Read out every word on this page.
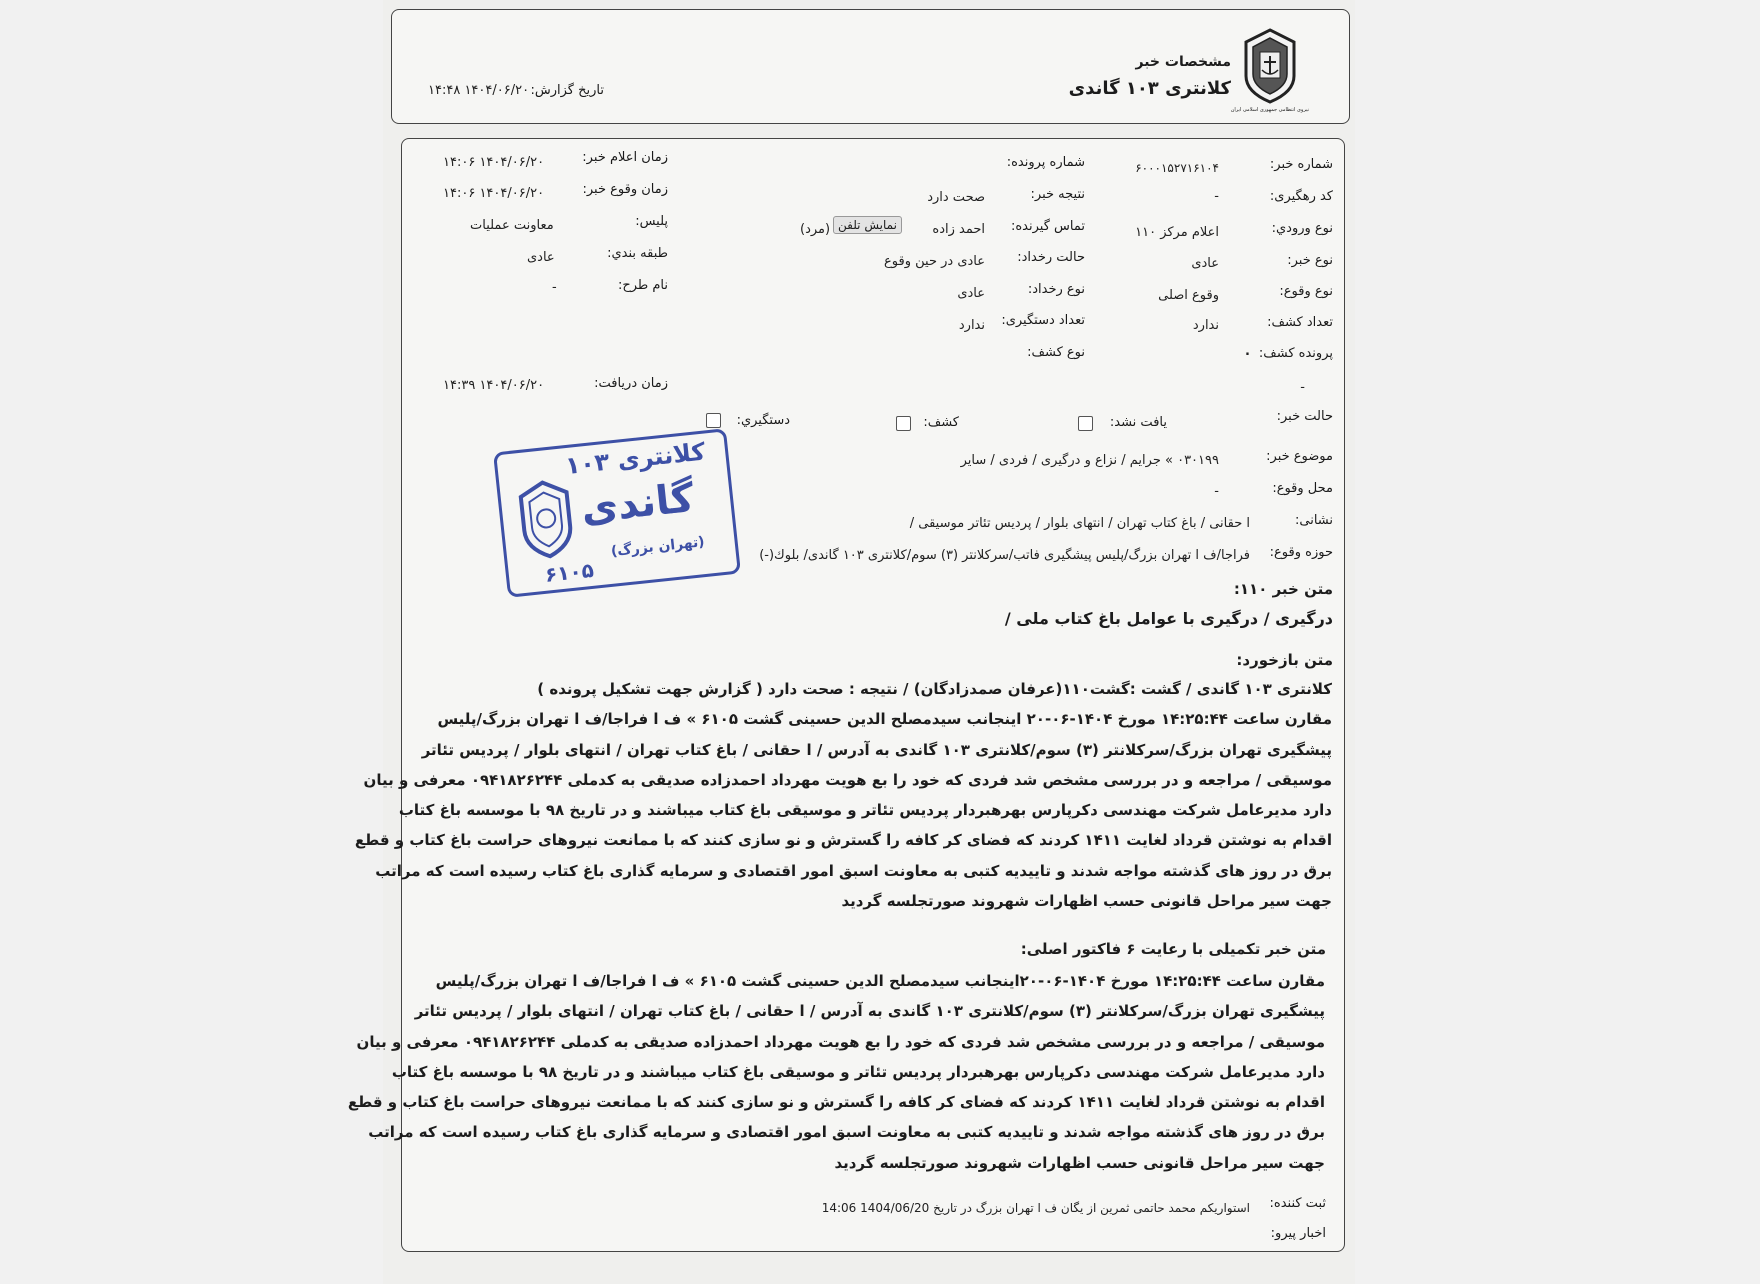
نیروی انتظامی جمهوری اسلامی ایران
مشخصات خبر
کلانتری ۱۰۳ گاندی
تاریخ گزارش:
۱۴۰۴/۰۶/۲۰ ۱۴:۴۸
شماره خبر:
۶۰۰۰۱۵۲۷۱۶۱۰۴
کد رهگیری:
-
نوع ورودي:
اعلام مرکز ۱۱۰
نوع خبر:
عادی
نوع وقوع:
وقوع اصلی
تعداد کشف:
ندارد
پرونده کشف:
.
-
شماره پرونده:
نتیجه خبر:
صحت دارد
تماس گیرنده:
احمد زاده
نمایش تلفن
(مرد)
حالت رخداد:
عادی در حین وقوع
نوع رخداد:
عادی
تعداد دستگیری:
ندارد
نوع کشف:
زمان اعلام خبر:
۱۴۰۴/۰۶/۲۰ ۱۴:۰۶
زمان وقوع خبر:
۱۴۰۴/۰۶/۲۰ ۱۴:۰۶
پلیس:
معاونت عملیات
طبقه بندي:
عادی
نام طرح:
-
زمان دریافت:
۱۴۰۴/۰۶/۲۰ ۱۴:۳۹
حالت خبر:
یافت نشد:
کشف:
دستگیري:
موضوع خبر:
۰۳۰۱۹۹ » جرایم / نزاع و درگیری / فردی / سایر
محل وقوع:
-
نشانی:
ا حقانی / باغ کتاب تهران / انتهای بلوار / پردیس تئاتر موسیقی /
حوزه وقوع:
فراجا/ف ا تهران بزرگ/پلیس پیشگیری فاتب/سرکلانتر (۳) سوم/کلانتری ۱۰۳ گاندی/ بلوك(-)
کلانتری ۱۰۳
گاندی
(تهران بزرگ)
۶۱۰۵
متن خبر ۱۱۰:
درگیری / درگیری با عوامل باغ کتاب ملی /
متن بازخورد:
کلانتری ۱۰۳ گاندی / گشت :گشت۱۱۰(عرفان صمدزادگان) / نتیجه : صحت دارد ( گزارش جهت تشکیل پرونده )
مقارن ساعت ۱۴:۲۵:۴۴ مورخ ۱۴۰۴-۰۶-۲۰ اینجانب سیدمصلح الدین حسینی گشت ۶۱۰۵ » ف ا فراجا/ف ا تهران بزرگ/پلیس
پیشگیری تهران بزرگ/سرکلانتر (۳) سوم/کلانتری ۱۰۳ گاندی به آدرس / ا حقانی / باغ کتاب تهران / انتهای بلوار / پردیس تئاتر
موسیقی / مراجعه و در بررسی مشخص شد فردی که خود را بع هویت مهرداد احمدزاده صدیقی به کدملی ۰۹۴۱۸۲۶۲۴۴ معرفی و بیان
دارد مدیرعامل شرکت مهندسی دکرپارس بهرهبردار پردیس تئاتر و موسیقی باغ کتاب میباشند و در تاریخ ۹۸ با موسسه باغ کتاب
اقدام به نوشتن قرداد لغایت ۱۴۱۱ کردند که فضای کر کافه را گسترش و نو سازی کنند که با ممانعت نیروهای حراست باغ کتاب و قطع
برق در روز های گذشته مواجه شدند و تاییدیه کتبی به معاونت اسبق امور اقتصادی و سرمایه گذاری باغ کتاب رسیده است که مراتب
جهت سیر مراحل قانونی حسب اظهارات شهروند صورتجلسه گردید
متن خبر تکمیلی با رعایت ۶ فاکتور اصلی:
مقارن ساعت ۱۴:۲۵:۴۴ مورخ ۱۴۰۴-۰۶-۲۰اینجانب سیدمصلح الدین حسینی گشت ۶۱۰۵ » ف ا فراجا/ف ا تهران بزرگ/پلیس
پیشگیری تهران بزرگ/سرکلانتر (۳) سوم/کلانتری ۱۰۳ گاندی به آدرس / ا حقانی / باغ کتاب تهران / انتهای بلوار / پردیس تئاتر
موسیقی / مراجعه و در بررسی مشخص شد فردی که خود را بع هویت مهرداد احمدزاده صدیقی به کدملی ۰۹۴۱۸۲۶۲۴۴ معرفی و بیان
دارد مدیرعامل شرکت مهندسی دکرپارس بهرهبردار پردیس تئاتر و موسیقی باغ کتاب میباشند و در تاریخ ۹۸ با موسسه باغ کتاب
اقدام به نوشتن قرداد لغایت ۱۴۱۱ کردند که فضای کر کافه را گسترش و نو سازی کنند که با ممانعت نیروهای حراست باغ کتاب و قطع
برق در روز های گذشته مواجه شدند و تاییدیه کتبی به معاونت اسبق امور اقتصادی و سرمایه گذاری باغ کتاب رسیده است که مراتب
جهت سیر مراحل قانونی حسب اظهارات شهروند صورتجلسه گردید
ثبت کننده:
استواریکم محمد حاتمی ثمرین از یگان ف ا تهران بزرگ در تاریخ 1404/06/20 14:06
اخبار پیرو:
